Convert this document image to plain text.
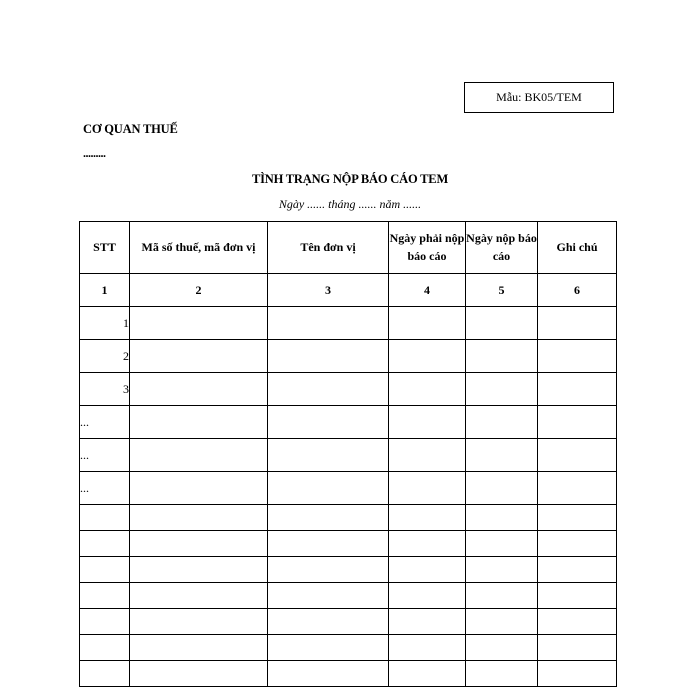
Mẫu: BK05/TEM
CƠ QUAN THUẾ
.........
TÌNH TRẠNG NỘP BÁO CÁO TEM
Ngày ...... tháng ...... năm ......
STT	Mã số thuế, mã đơn vị	Tên đơn vị	Ngày phải nộp báo cáo	Ngày nộp báo cáo	Ghi chú
1	2	3	4	5	6
1					
2					
3					
...					
...					
...					
